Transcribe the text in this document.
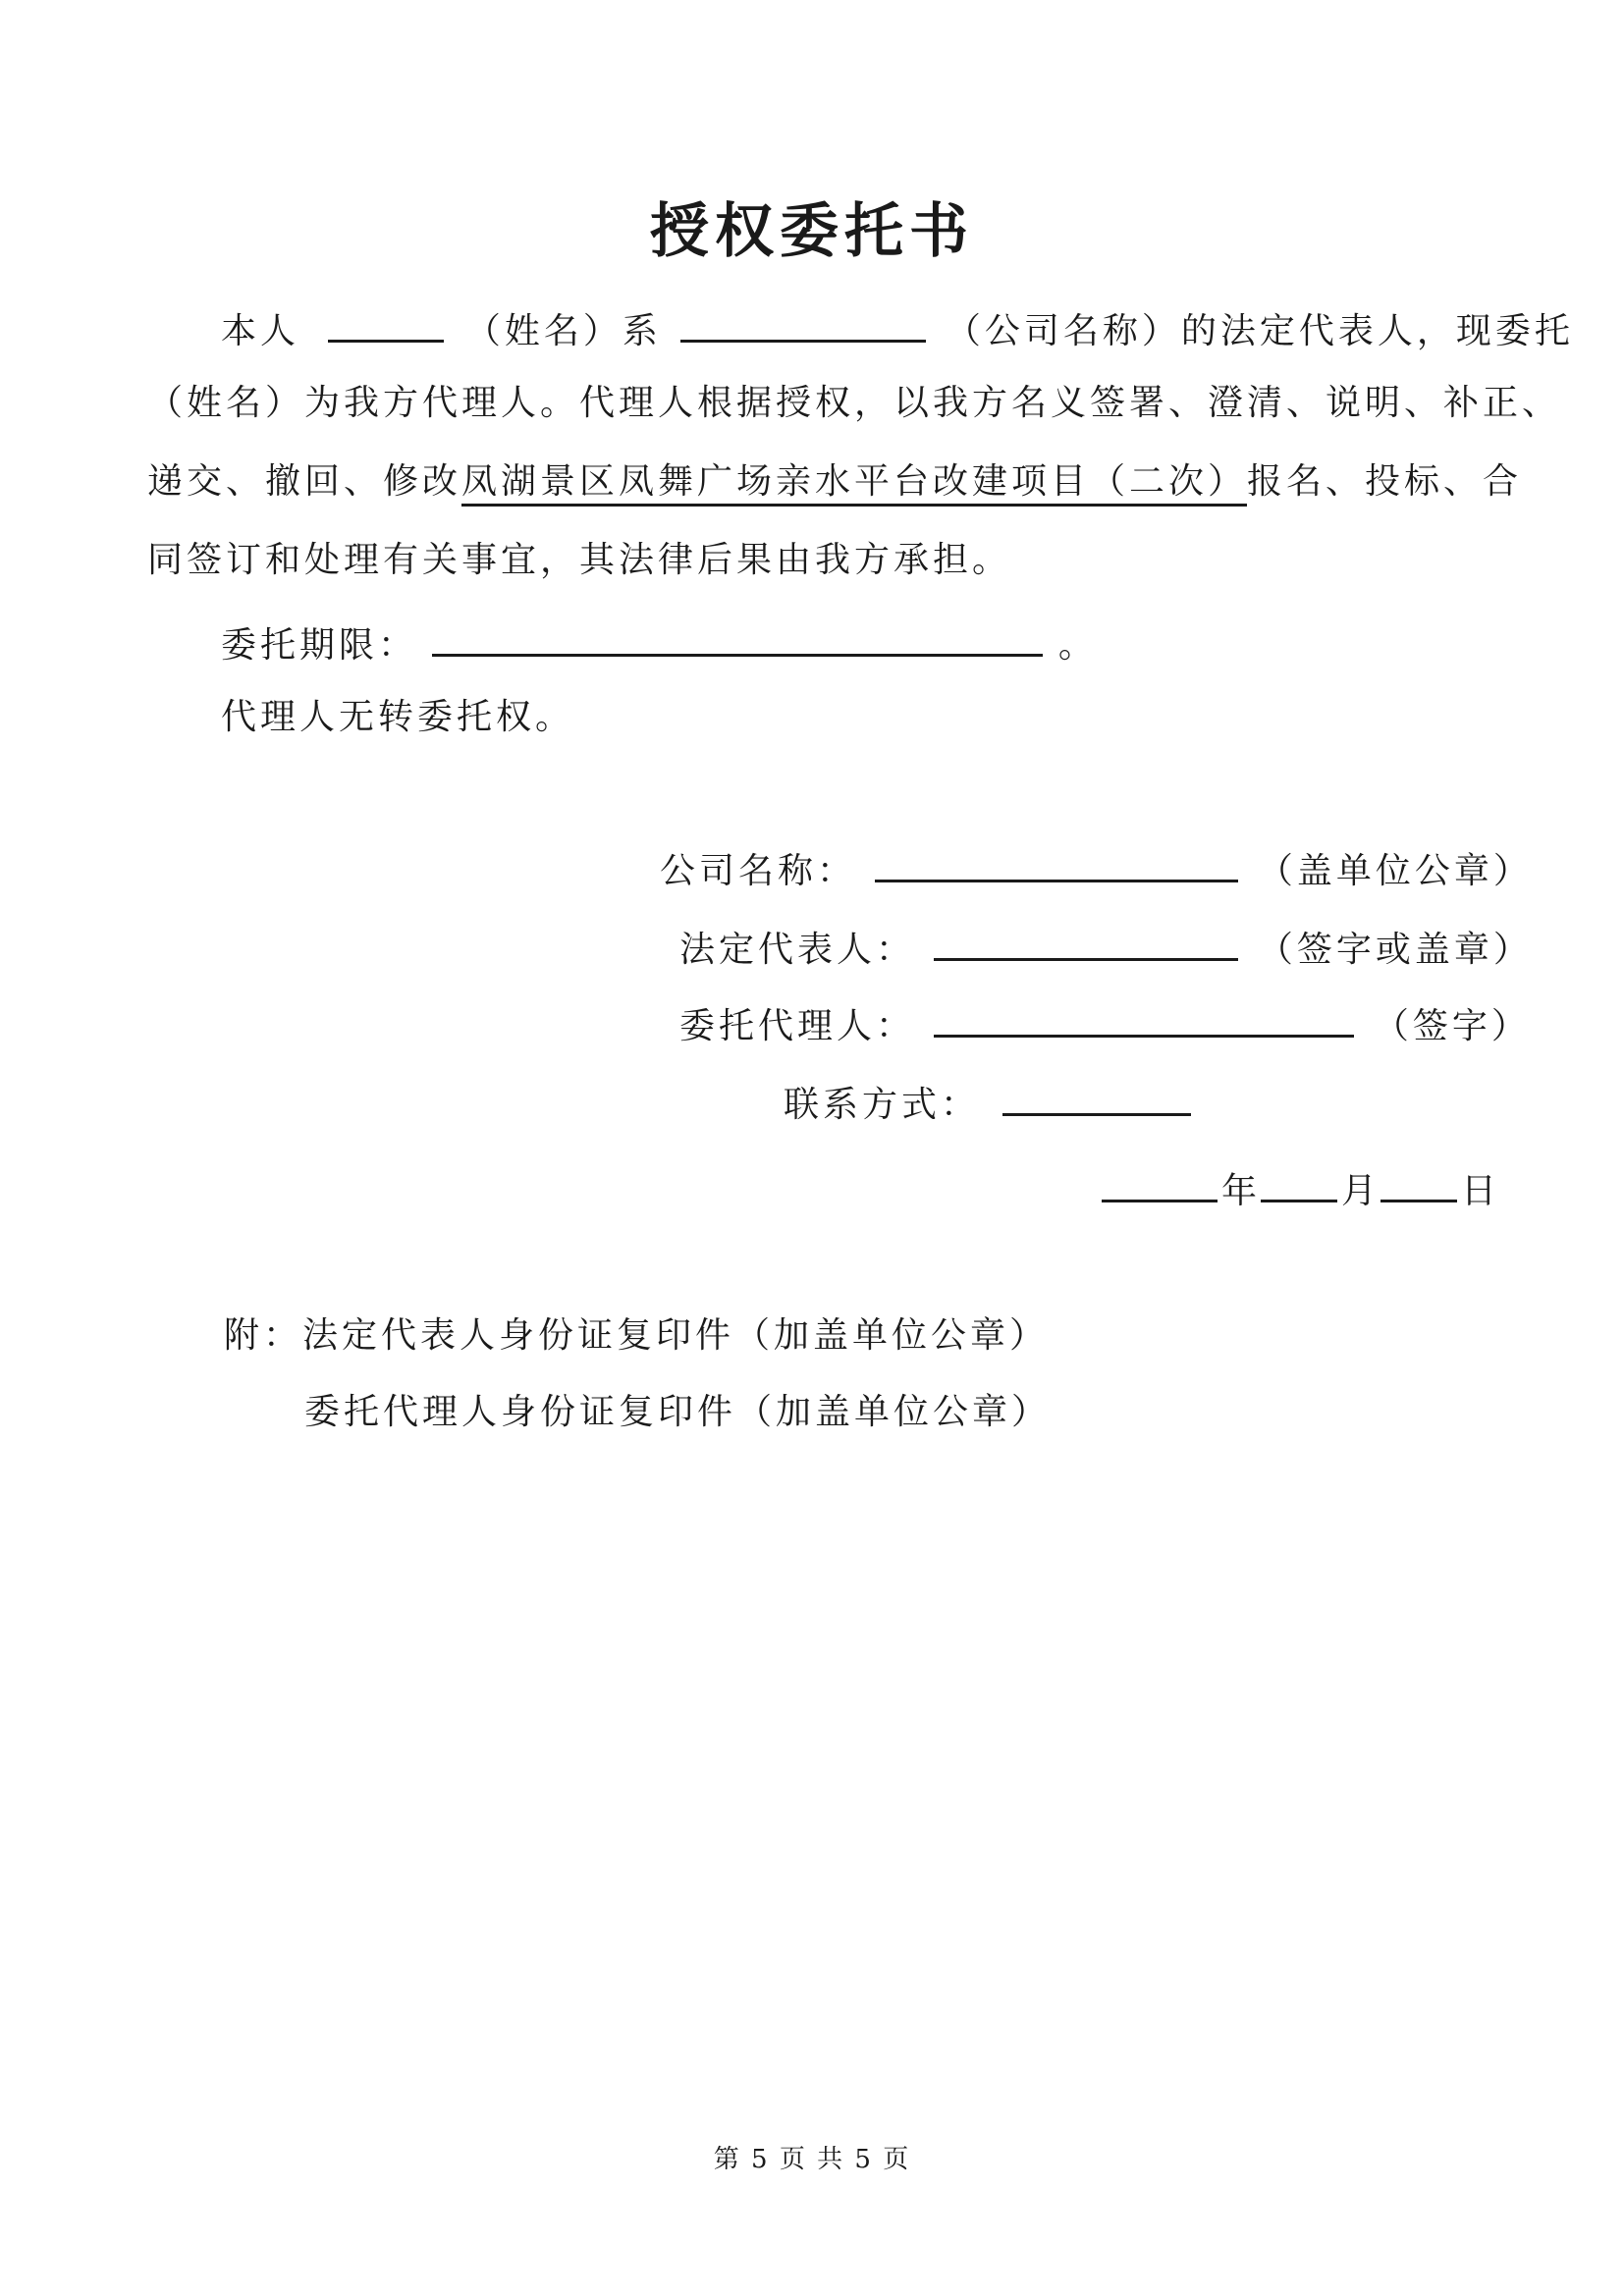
授权委托书
本人	（姓名）系	（公司名称）的法定代表人，现委托
（姓名）为我方代理人。代理人根据授权，以我方名义签署、澄清、说明、补正、
递交、撤回、修改凤湖景区凤舞广场亲水平台改建项目（二次）报名、投标、合
同签订和处理有关事宜，其法律后果由我方承担。
委托期限：	。
代理人无转委托权。
公司名称：	（盖单位公章）
法定代表人：	（签字或盖章）
委托代理人：	（签字）
联系方式：
年 月 日
附：法定代表人身份证复印件（加盖单位公章）
委托代理人身份证复印件（加盖单位公章）
第 5 页 共 5 页
